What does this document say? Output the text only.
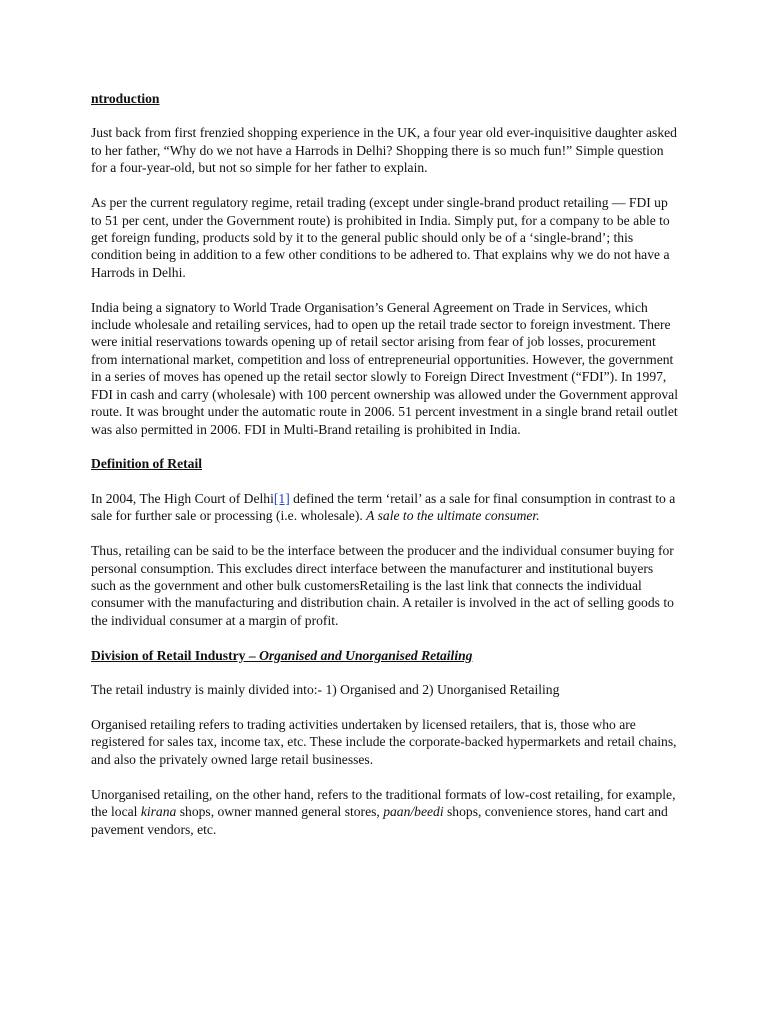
ntroduction

Just back from first frenzied shopping experience in the UK, a four year old ever-inquisitive daughter asked to her father, “Why do we not have a Harrods in Delhi? Shopping there is so much fun!” Simple question for a four-year-old, but not so simple for her father to explain.

As per the current regulatory regime, retail trading (except under single-brand product retailing — FDI up to 51 per cent, under the Government route) is prohibited in India. Simply put, for a company to be able to get foreign funding, products sold by it to the general public should only be of a ‘single-brand’; this condition being in addition to a few other conditions to be adhered to. That explains why we do not have a Harrods in Delhi.

India being a signatory to World Trade Organisation’s General Agreement on Trade in Services, which include wholesale and retailing services, had to open up the retail trade sector to foreign investment. There were initial reservations towards opening up of retail sector arising from fear of job losses, procurement from international market, competition and loss of entrepreneurial opportunities. However, the government in a series of moves has opened up the retail sector slowly to Foreign Direct Investment (“FDI”). In 1997, FDI in cash and carry (wholesale) with 100 percent ownership was allowed under the Government approval route. It was brought under the automatic route in 2006. 51 percent investment in a single brand retail outlet was also permitted in 2006. FDI in Multi-Brand retailing is prohibited in India.

Definition of Retail

In 2004, The High Court of Delhi[1] defined the term ‘retail’ as a sale for final consumption in contrast to a sale for further sale or processing (i.e. wholesale). A sale to the ultimate consumer.

Thus, retailing can be said to be the interface between the producer and the individual consumer buying for personal consumption. This excludes direct interface between the manufacturer and institutional buyers such as the government and other bulk customersRetailing is the last link that connects the individual consumer with the manufacturing and distribution chain. A retailer is involved in the act of selling goods to the individual consumer at a margin of profit.

Division of Retail Industry – Organised and Unorganised Retailing

The retail industry is mainly divided into:- 1) Organised and 2) Unorganised Retailing

Organised retailing refers to trading activities undertaken by licensed retailers, that is, those who are registered for sales tax, income tax, etc. These include the corporate-backed hypermarkets and retail chains, and also the privately owned large retail businesses.

Unorganised retailing, on the other hand, refers to the traditional formats of low-cost retailing, for example, the local kirana shops, owner manned general stores, paan/beedi shops, convenience stores, hand cart and pavement vendors, etc.
